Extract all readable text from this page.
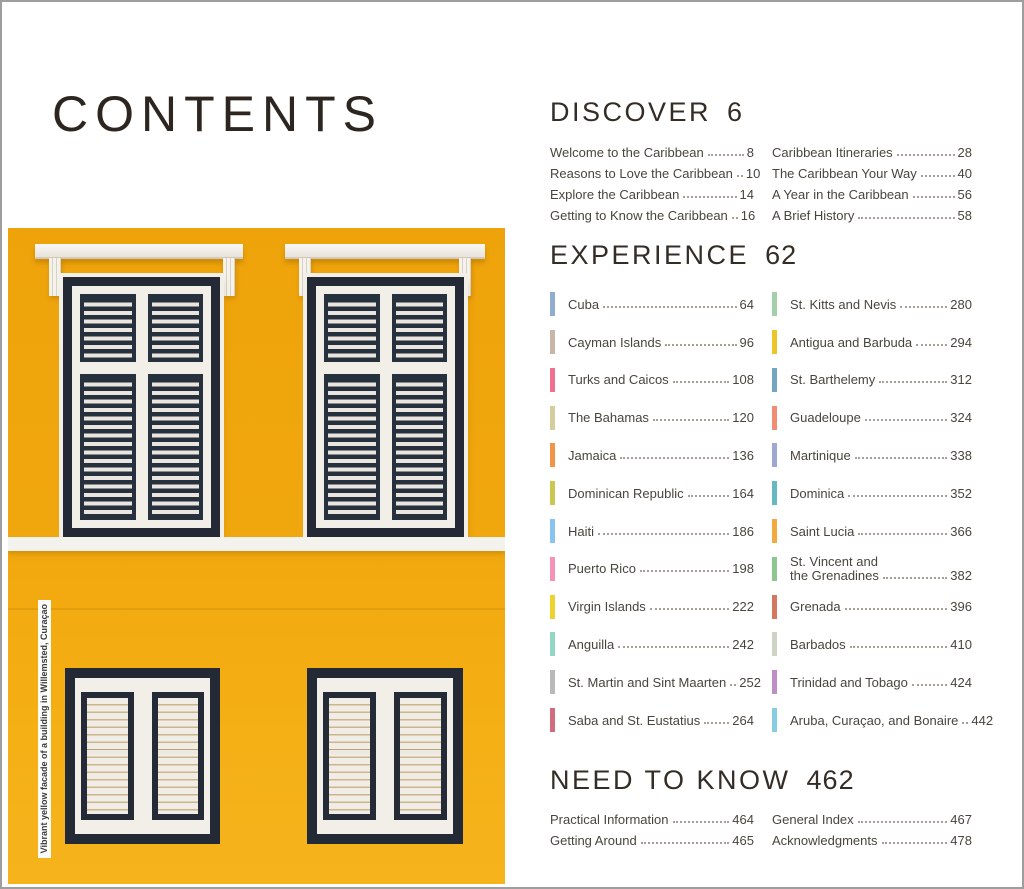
CONTENTS
Vibrant yellow facade of a building in Willemsted, Curaçao
DISCOVER 6
Welcome to the Caribbean	8
Reasons to Love the Caribbean 10
Explore the Caribbean	14
Getting to Know the Caribbean 16
Caribbean Itineraries	28
The Caribbean Your Way	40
A Year in the Caribbean	56
A Brief History	58
EXPERIENCE 62
Cuba	64
Cayman Islands	96
Turks and Caicos	108
The Bahamas	120
Jamaica	136
Dominican Republic	164
Haiti	186
Puerto Rico	198
Virgin Islands	222
Anguilla	242
St. Martin and Sint Maarten 252
Saba and St. Eustatius 264
St. Kitts and Nevis	280
Antigua and Barbuda	294
St. Barthelemy	312
Guadeloupe	324
Martinique	338
Dominica	352
Saint Lucia	366
St. Vincent and
the Grenadines	382
Grenada	396
Barbados	410
Trinidad and Tobago	424
Aruba, Curaçao, and Bonaire 442
NEED TO KNOW 462
Practical Information	464
Getting Around	465
General Index	467
Acknowledgments	478
